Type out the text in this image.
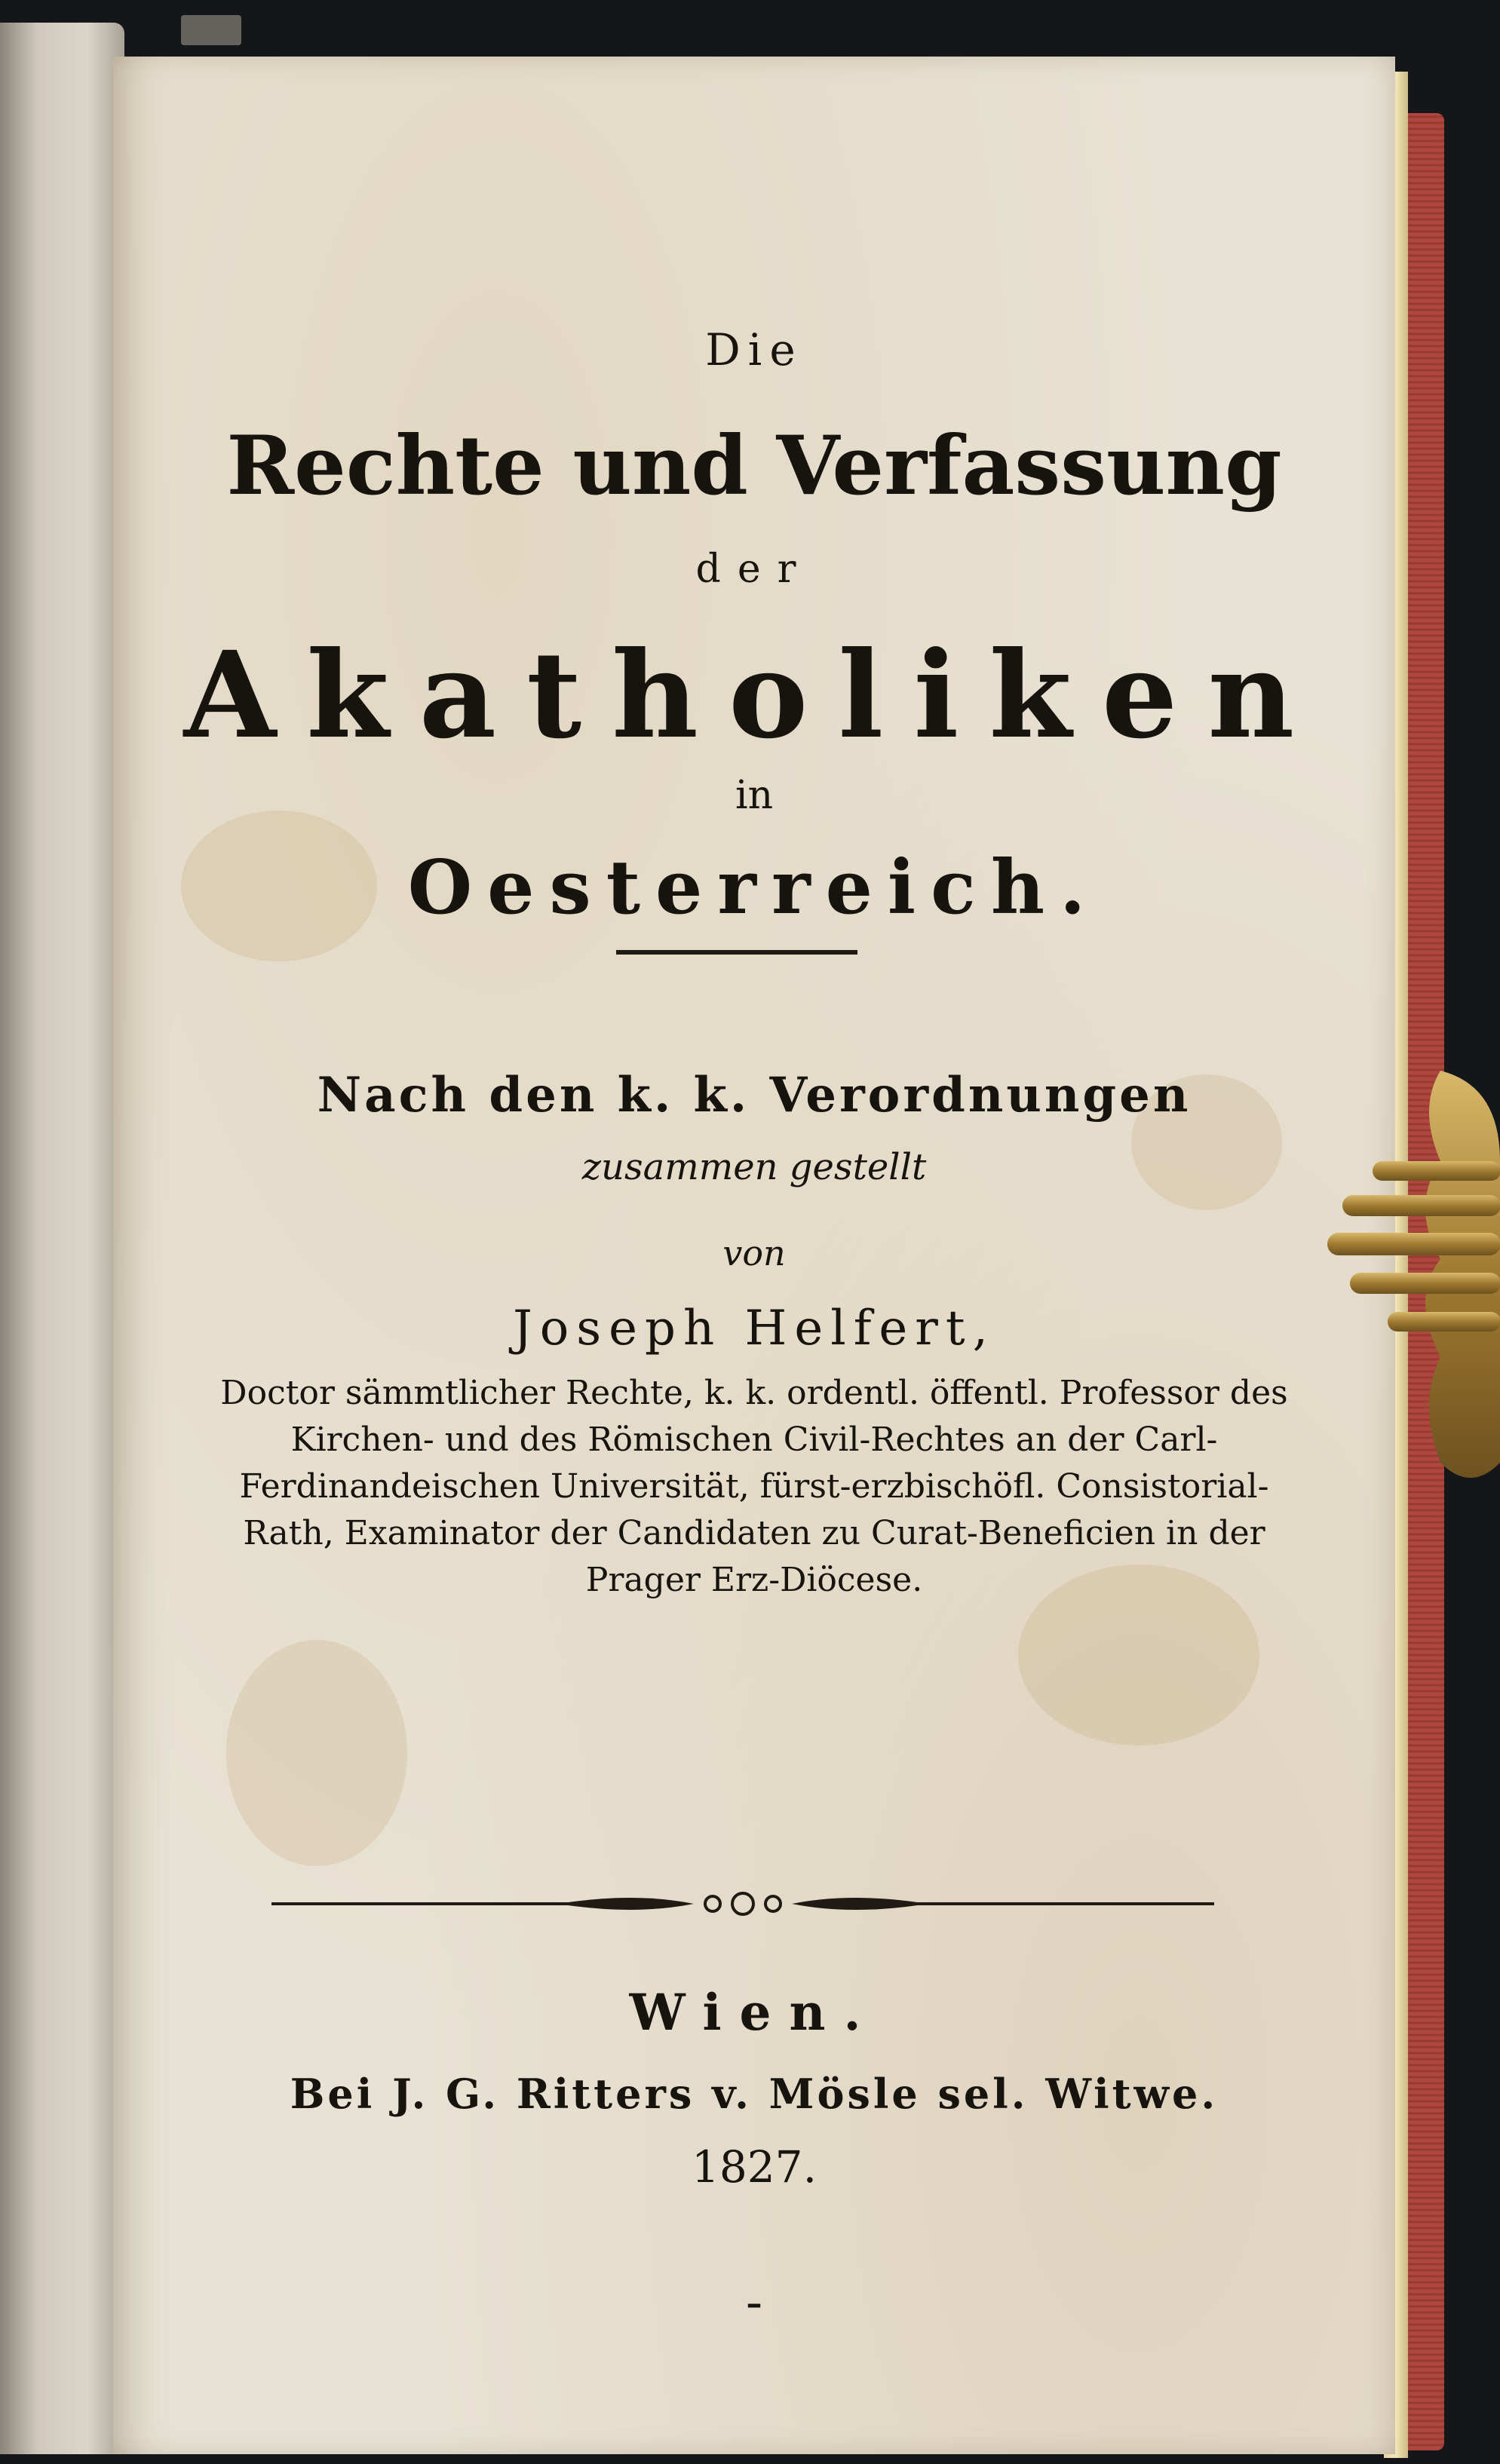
Die
Rechte und Verfassung
der
Akatholiken
in
Oesterreich.
Nach den k. k. Verordnungen
zusammen gestellt
von
Joseph Helfert,
Doctor sämmtlicher Rechte, k. k. ordentl. öffentl. Professor des Kirchen- und des Römischen Civil-Rechtes an der Carl-Ferdinandeischen Universität, fürst-erzbischöfl. Consistorial-Rath, Examinator der Candidaten zu Curat-Beneficien in der Prager Erz-Diöcese.
Wien.
Bei J. G. Ritters v. Mösle sel. Witwe.
1827.
–
